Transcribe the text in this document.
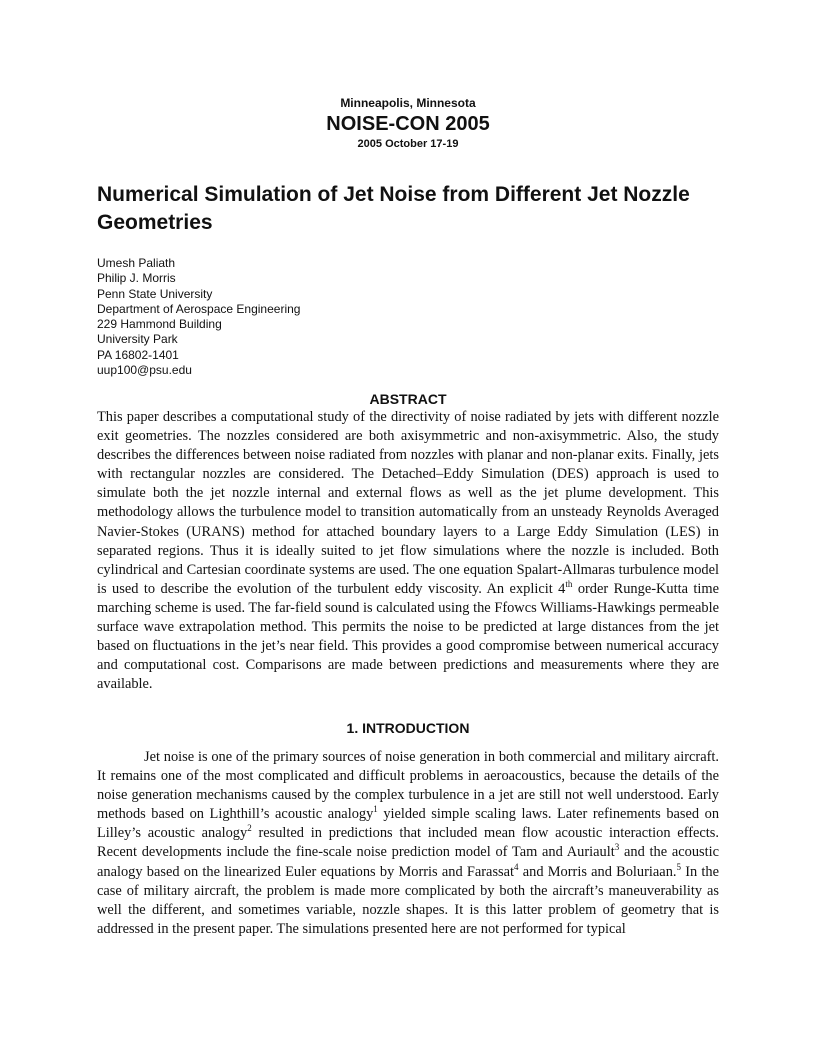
Minneapolis, Minnesota
NOISE-CON 2005
2005 October 17-19
Numerical Simulation of Jet Noise from Different Jet Nozzle Geometries
Umesh Paliath
Philip J. Morris
Penn State University
Department of Aerospace Engineering
229 Hammond Building
University Park
PA 16802-1401
uup100@psu.edu
ABSTRACT

This paper describes a computational study of the directivity of noise radiated by jets with different nozzle exit geometries. The nozzles considered are both axisymmetric and non-axisymmetric. Also, the study describes the differences between noise radiated from nozzles with planar and non-planar exits. Finally, jets with rectangular nozzles are considered. The Detached–Eddy Simulation (DES) approach is used to simulate both the jet nozzle internal and external flows as well as the jet plume development. This methodology allows the turbulence model to transition automatically from an unsteady Reynolds Averaged Navier-Stokes (URANS) method for attached boundary layers to a Large Eddy Simulation (LES) in separated regions. Thus it is ideally suited to jet flow simulations where the nozzle is included. Both cylindrical and Cartesian coordinate systems are used. The one equation Spalart-Allmaras turbulence model is used to describe the evolution of the turbulent eddy viscosity. An explicit 4th order Runge-Kutta time marching scheme is used. The far-field sound is calculated using the Ffowcs Williams-Hawkings permeable surface wave extrapolation method. This permits the noise to be predicted at large distances from the jet based on fluctuations in the jet’s near field. This provides a good compromise between numerical accuracy and computational cost. Comparisons are made between predictions and measurements where they are available.

1. INTRODUCTION

Jet noise is one of the primary sources of noise generation in both commercial and military aircraft. It remains one of the most complicated and difficult problems in aeroacoustics, because the details of the noise generation mechanisms caused by the complex turbulence in a jet are still not well understood. Early methods based on Lighthill’s acoustic analogy$^1$ yielded simple scaling laws. Later refinements based on Lilley’s acoustic analogy$^2$ resulted in predictions that included mean flow acoustic interaction effects. Recent developments include the fine-scale noise prediction model of Tam and Auriault$^3$ and the acoustic analogy based on the linearized Euler equations by Morris and Farassat$^4$ and Morris and Boluriaan.$^5$ In the case of military aircraft, the problem is made more complicated by both the aircraft’s maneuverability as well the different, and sometimes variable, nozzle shapes. It is this latter problem of geometry that is addressed in the present paper. The simulations presented here are not performed for typical
